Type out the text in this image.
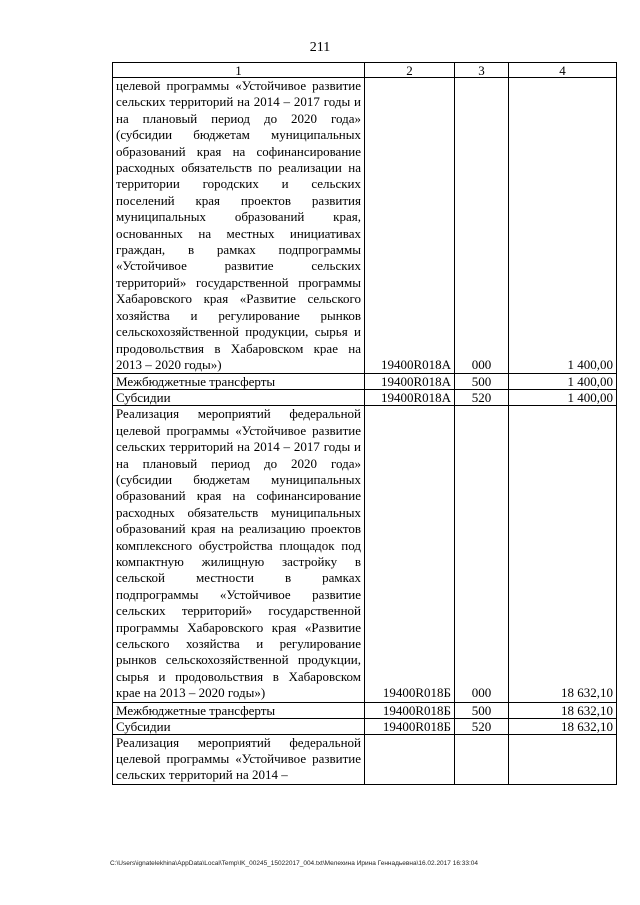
211
1	2	3	4
целевой программы «Устойчивое развитие сельских территорий на 2014 – 2017 годы и на плановый период до 2020 года» (субсидии бюджетам муниципальных образований края на софинансирование расходных обязательств по реализации на территории городских и сельских поселений края проектов развития муниципальных образований края, основанных на местных инициативах граждан, в рамках подпрограммы «Устойчивое развитие сельских территорий» государственной программы Хабаровского края «Развитие сельского хозяйства и регулирование рынков сельскохозяйственной продукции, сырья и продовольствия в Хабаровском крае на 2013 – 2020 годы»)	19400R018А	000	1 400,00
Межбюджетные трансферты	19400R018А	500	1 400,00
Субсидии	19400R018А	520	1 400,00
Реализация мероприятий федеральной целевой программы «Устойчивое развитие сельских территорий на 2014 – 2017 годы и на плановый период до 2020 года» (субсидии бюджетам муниципальных образований края на софинансирование расходных обязательств муниципальных образований края на реализацию проектов комплексного обустройства площадок под компактную жилищную застройку в сельской местности в рамках подпрограммы «Устойчивое развитие сельских территорий» государственной программы Хабаровского края «Развитие сельского хозяйства и регулирование рынков сельскохозяйственной продукции, сырья и продовольствия в Хабаровском крае на 2013 – 2020 годы»)	19400R018Б	000	18 632,10
Межбюджетные трансферты	19400R018Б	500	18 632,10
Субсидии	19400R018Б	520	18 632,10
Реализация мероприятий федеральной целевой программы «Устойчивое развитие сельских территорий на 2014 –			
C:\Users\ignatelekhina\AppData\Local\Temp\IK_00245_15022017_004.txt\Мелехина Ирина Геннадьевна\16.02.2017 16:33:04
